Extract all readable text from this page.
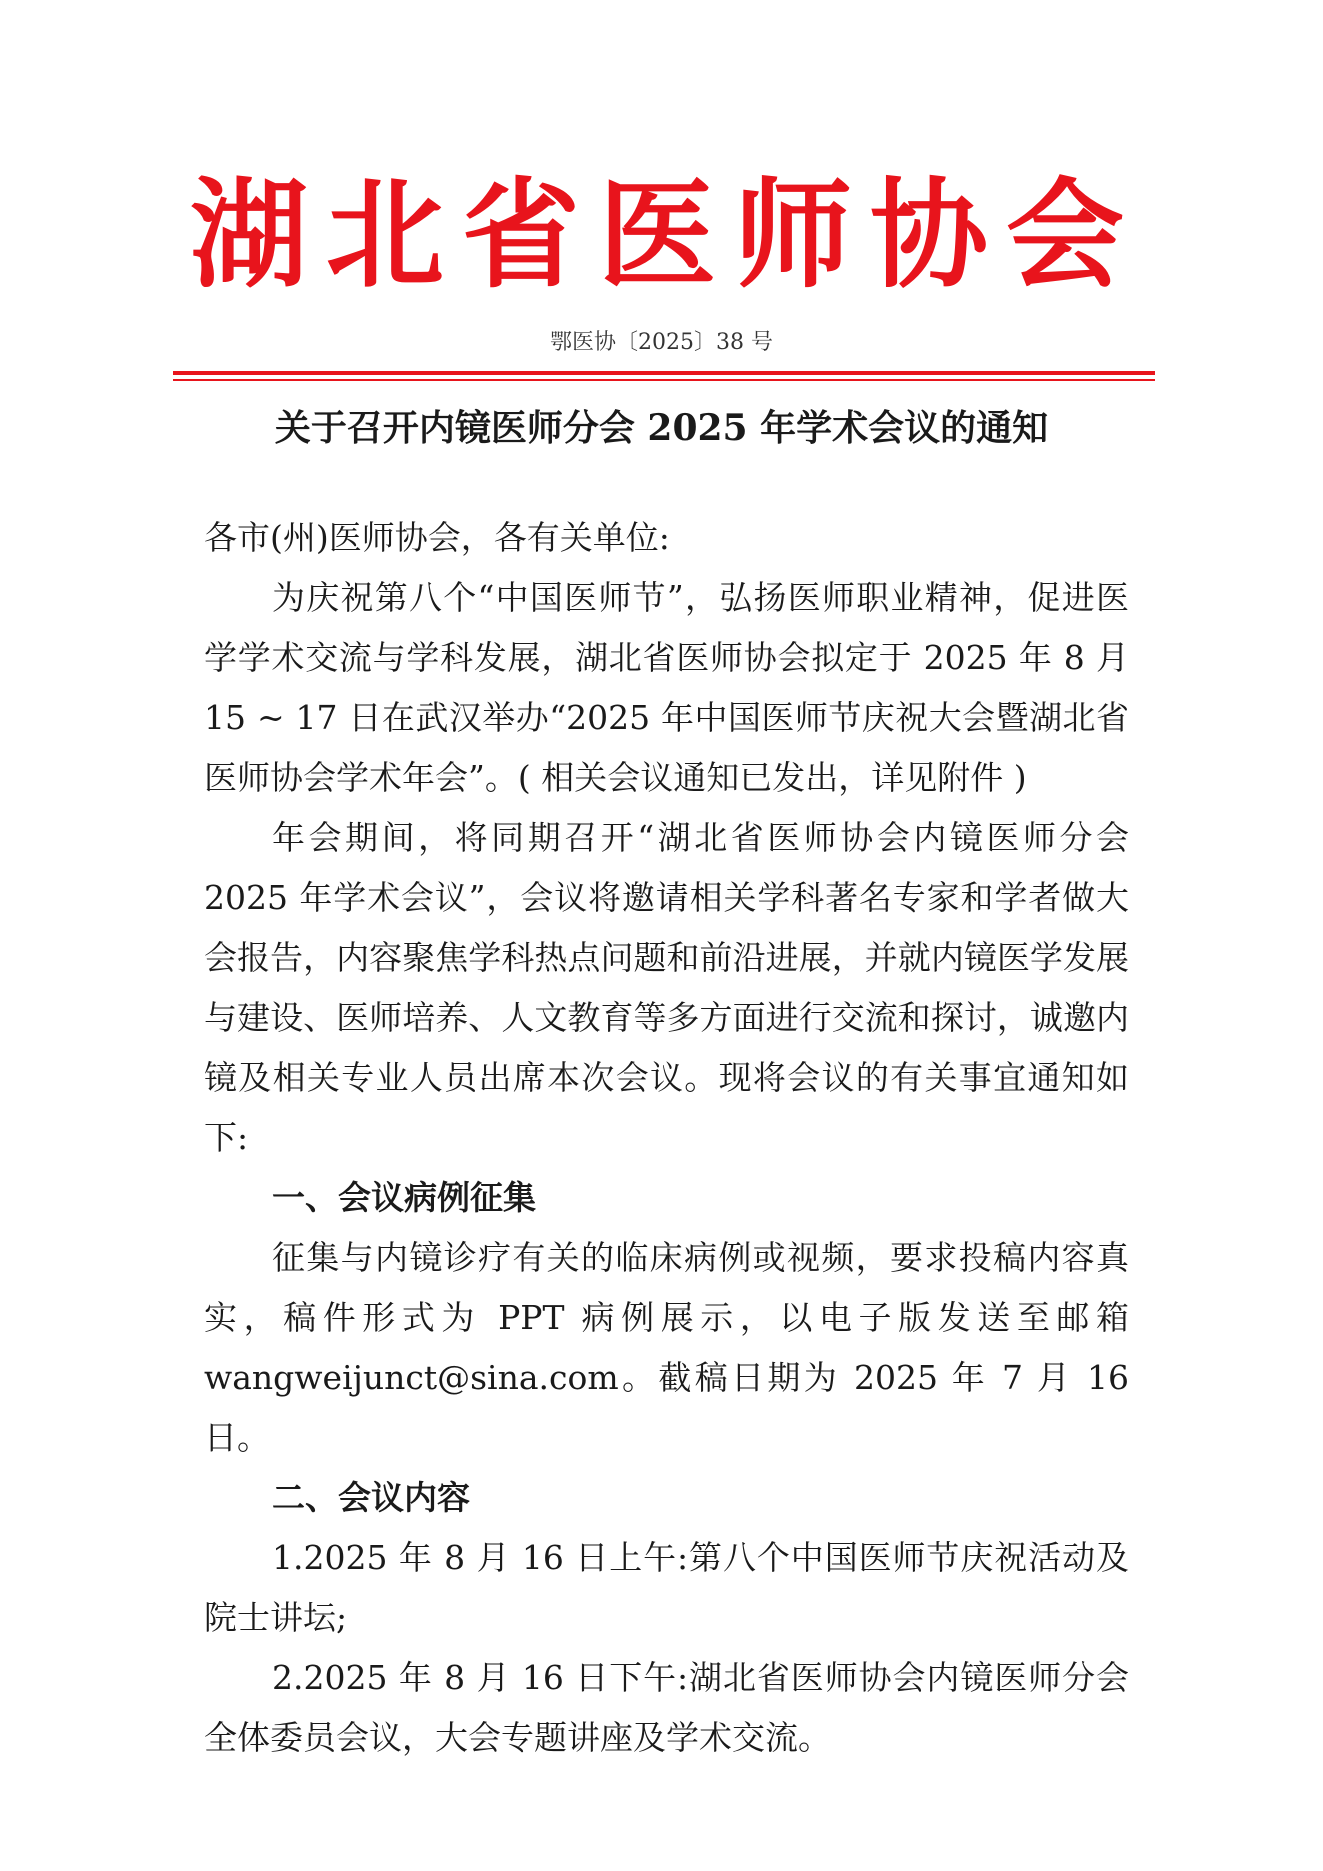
湖北省医师协会
鄂医协〔2025〕38 号
关于召开内镜医师分会 2025 年学术会议的通知

各市(州)医师协会，各有关单位:

为庆祝第八个“中国医师节”，弘扬医师职业精神，促进医学学术交流与学科发展，湖北省医师协会拟定于 2025 年 8 月 15 ~ 17 日在武汉举办“2025 年中国医师节庆祝大会暨湖北省医师协会学术年会”。( 相关会议通知已发出，详见附件 )

年会期间，将同期召开“湖北省医师协会内镜医师分会 2025 年学术会议”，会议将邀请相关学科著名专家和学者做大会报告，内容聚焦学科热点问题和前沿进展，并就内镜医学发展与建设、医师培养、人文教育等多方面进行交流和探讨，诚邀内镜及相关专业人员出席本次会议。现将会议的有关事宜通知如下:

一、会议病例征集

征集与内镜诊疗有关的临床病例或视频，要求投稿内容真实，稿件形式为 PPT 病例展示，以电子版发送至邮箱 wangweijunct@sina.com。截稿日期为 2025 年 7 月 16 日。

二、会议内容

1.2025 年 8 月 16 日上午:第八个中国医师节庆祝活动及院士讲坛;

2.2025 年 8 月 16 日下午:湖北省医师协会内镜医师分会全体委员会议，大会专题讲座及学术交流。
